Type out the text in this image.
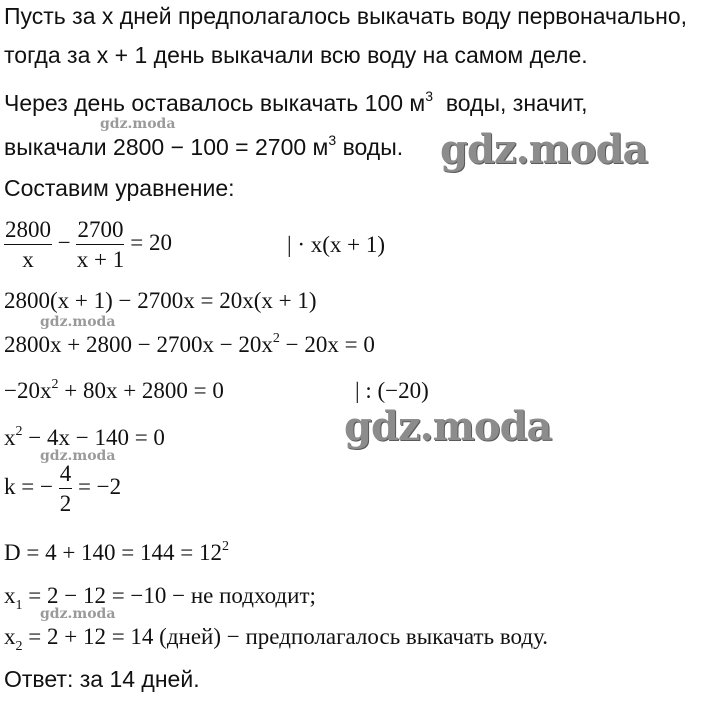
Пусть за x дней предполагалось выкачать воду первоначально,
тогда за x + 1 день выкачали всю воду на самом деле.
Через день оставалось выкачать 100 $м^3$ воды, значит,
выкачали 2800 − 100 = 2700 $м^3$ воды.
Составим уравнение:
$\frac{2800}{x} - \frac{2700}{x + 1} = 20$	| · x(x + 1)
2800(x + 1) − 2700x = 20x(x + 1)
$2800x + 2800 - 2700x - 20x^2 - 20x = 0$
$-20x^2 + 80x + 2800 = 0$	| : (−20)
$x^2 - 4x - 140 = 0$
k = − $\frac{4}{2} = -2$
$D = 4 + 140 = 144 = 12^2$
$x_1 = 2 - 12 = -10$ − не подходит;
$x_2 = 2 + 12 = 14$ (дней) − предполагалось выкачать воду.
Ответ: за 14 дней.
gdz.moda
gdz.moda
gdz.moda
gdz.moda
gdz.moda
gdz.moda
